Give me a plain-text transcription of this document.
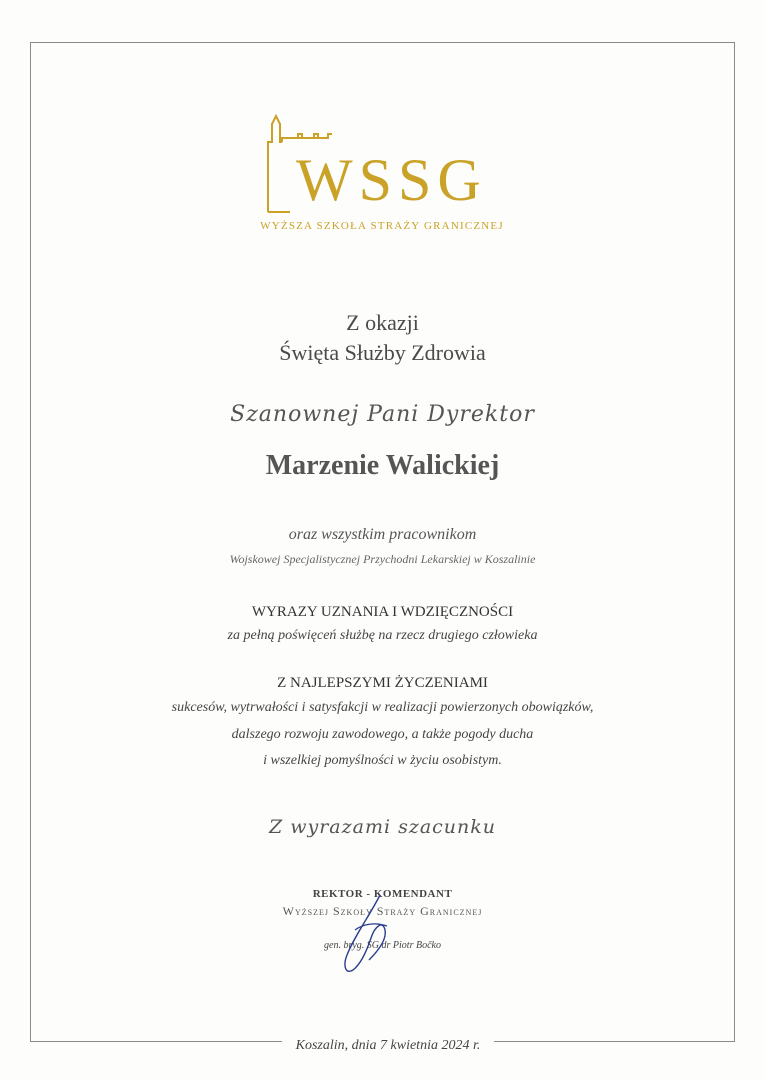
WSSG
WYŻSZA SZKOŁA STRAŻY GRANICZNEJ
Z okazji
Święta Służby Zdrowia
Szanownej Pani Dyrektor
Marzenie Walickiej
oraz wszystkim pracownikom
Wojskowej Specjalistycznej Przychodni Lekarskiej w Koszalinie
WYRAZY UZNANIA I WDZIĘCZNOŚCI
za pełną poświęceń służbę na rzecz drugiego człowieka
Z NAJLEPSZYMI ŻYCZENIAMI
sukcesów, wytrwałości i satysfakcji w realizacji powierzonych obowiązków,
dalszego rozwoju zawodowego, a także pogody ducha
i wszelkiej pomyślności w życiu osobistym.
Z wyrazami szacunku
REKTOR - KOMENDANT
Wyższej Szkoły Straży Granicznej
gen. bryg. SG dr Piotr Bočko
Koszalin, dnia 7 kwietnia 2024 r.
